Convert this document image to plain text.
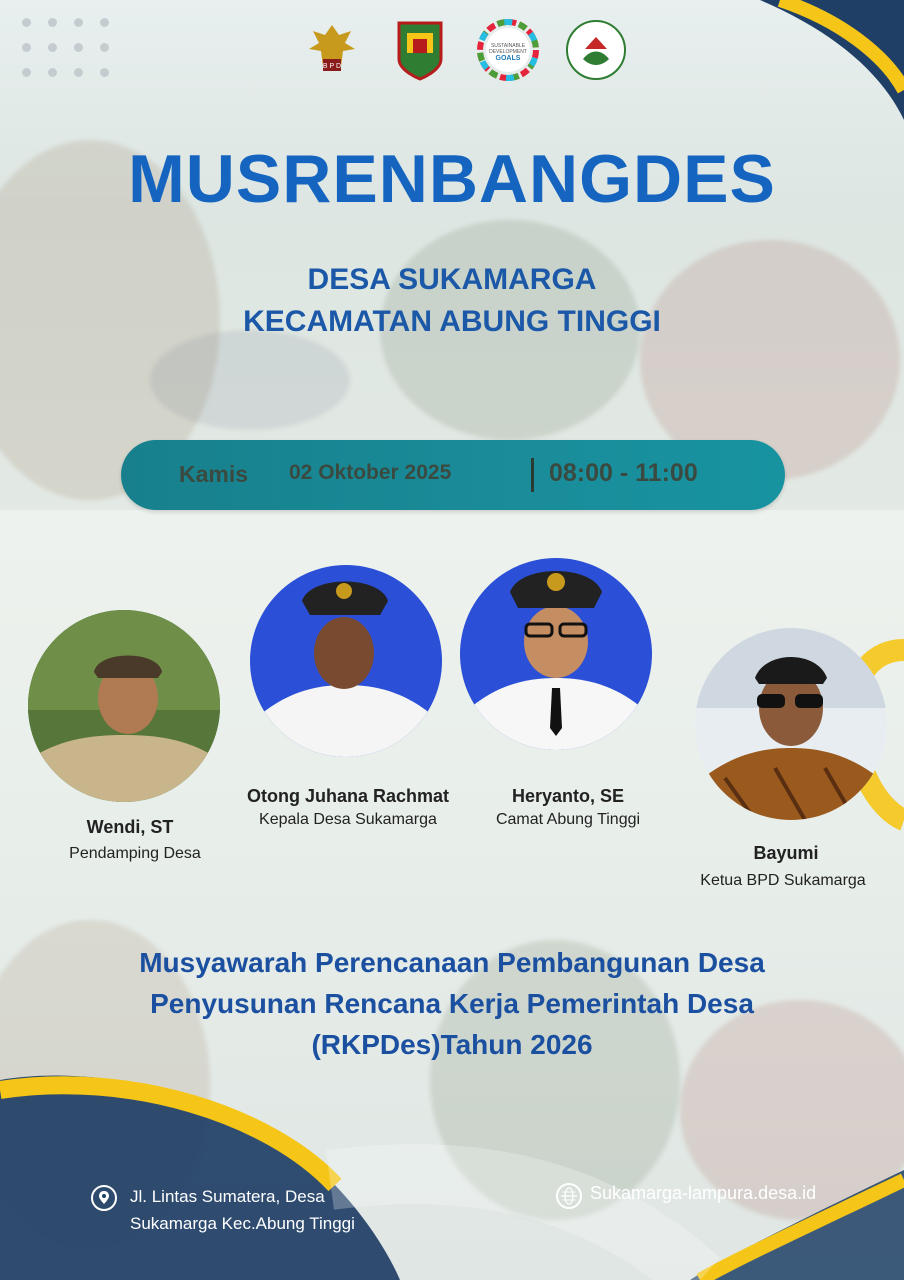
B P D
SUSTAINABLE
DEVELOPMENT
GOALS
MUSRENBANGDES
DESA SUKAMARGA
KECAMATAN ABUNG TINGGI
Kamis 02 Oktober 2025	08:00 - 11:00
Wendi, ST
Pendamping Desa
Otong Juhana Rachmat
Kepala Desa Sukamarga
Heryanto, SE
Camat Abung Tinggi
Bayumi
Ketua BPD Sukamarga
Musyawarah Perencanaan Pembangunan Desa
Penyusunan Rencana Kerja Pemerintah Desa
(RKPDes)Tahun 2026
Jl. Lintas Sumatera, Desa
Sukamarga Kec.Abung Tinggi
Sukamarga-lampura.desa.id
